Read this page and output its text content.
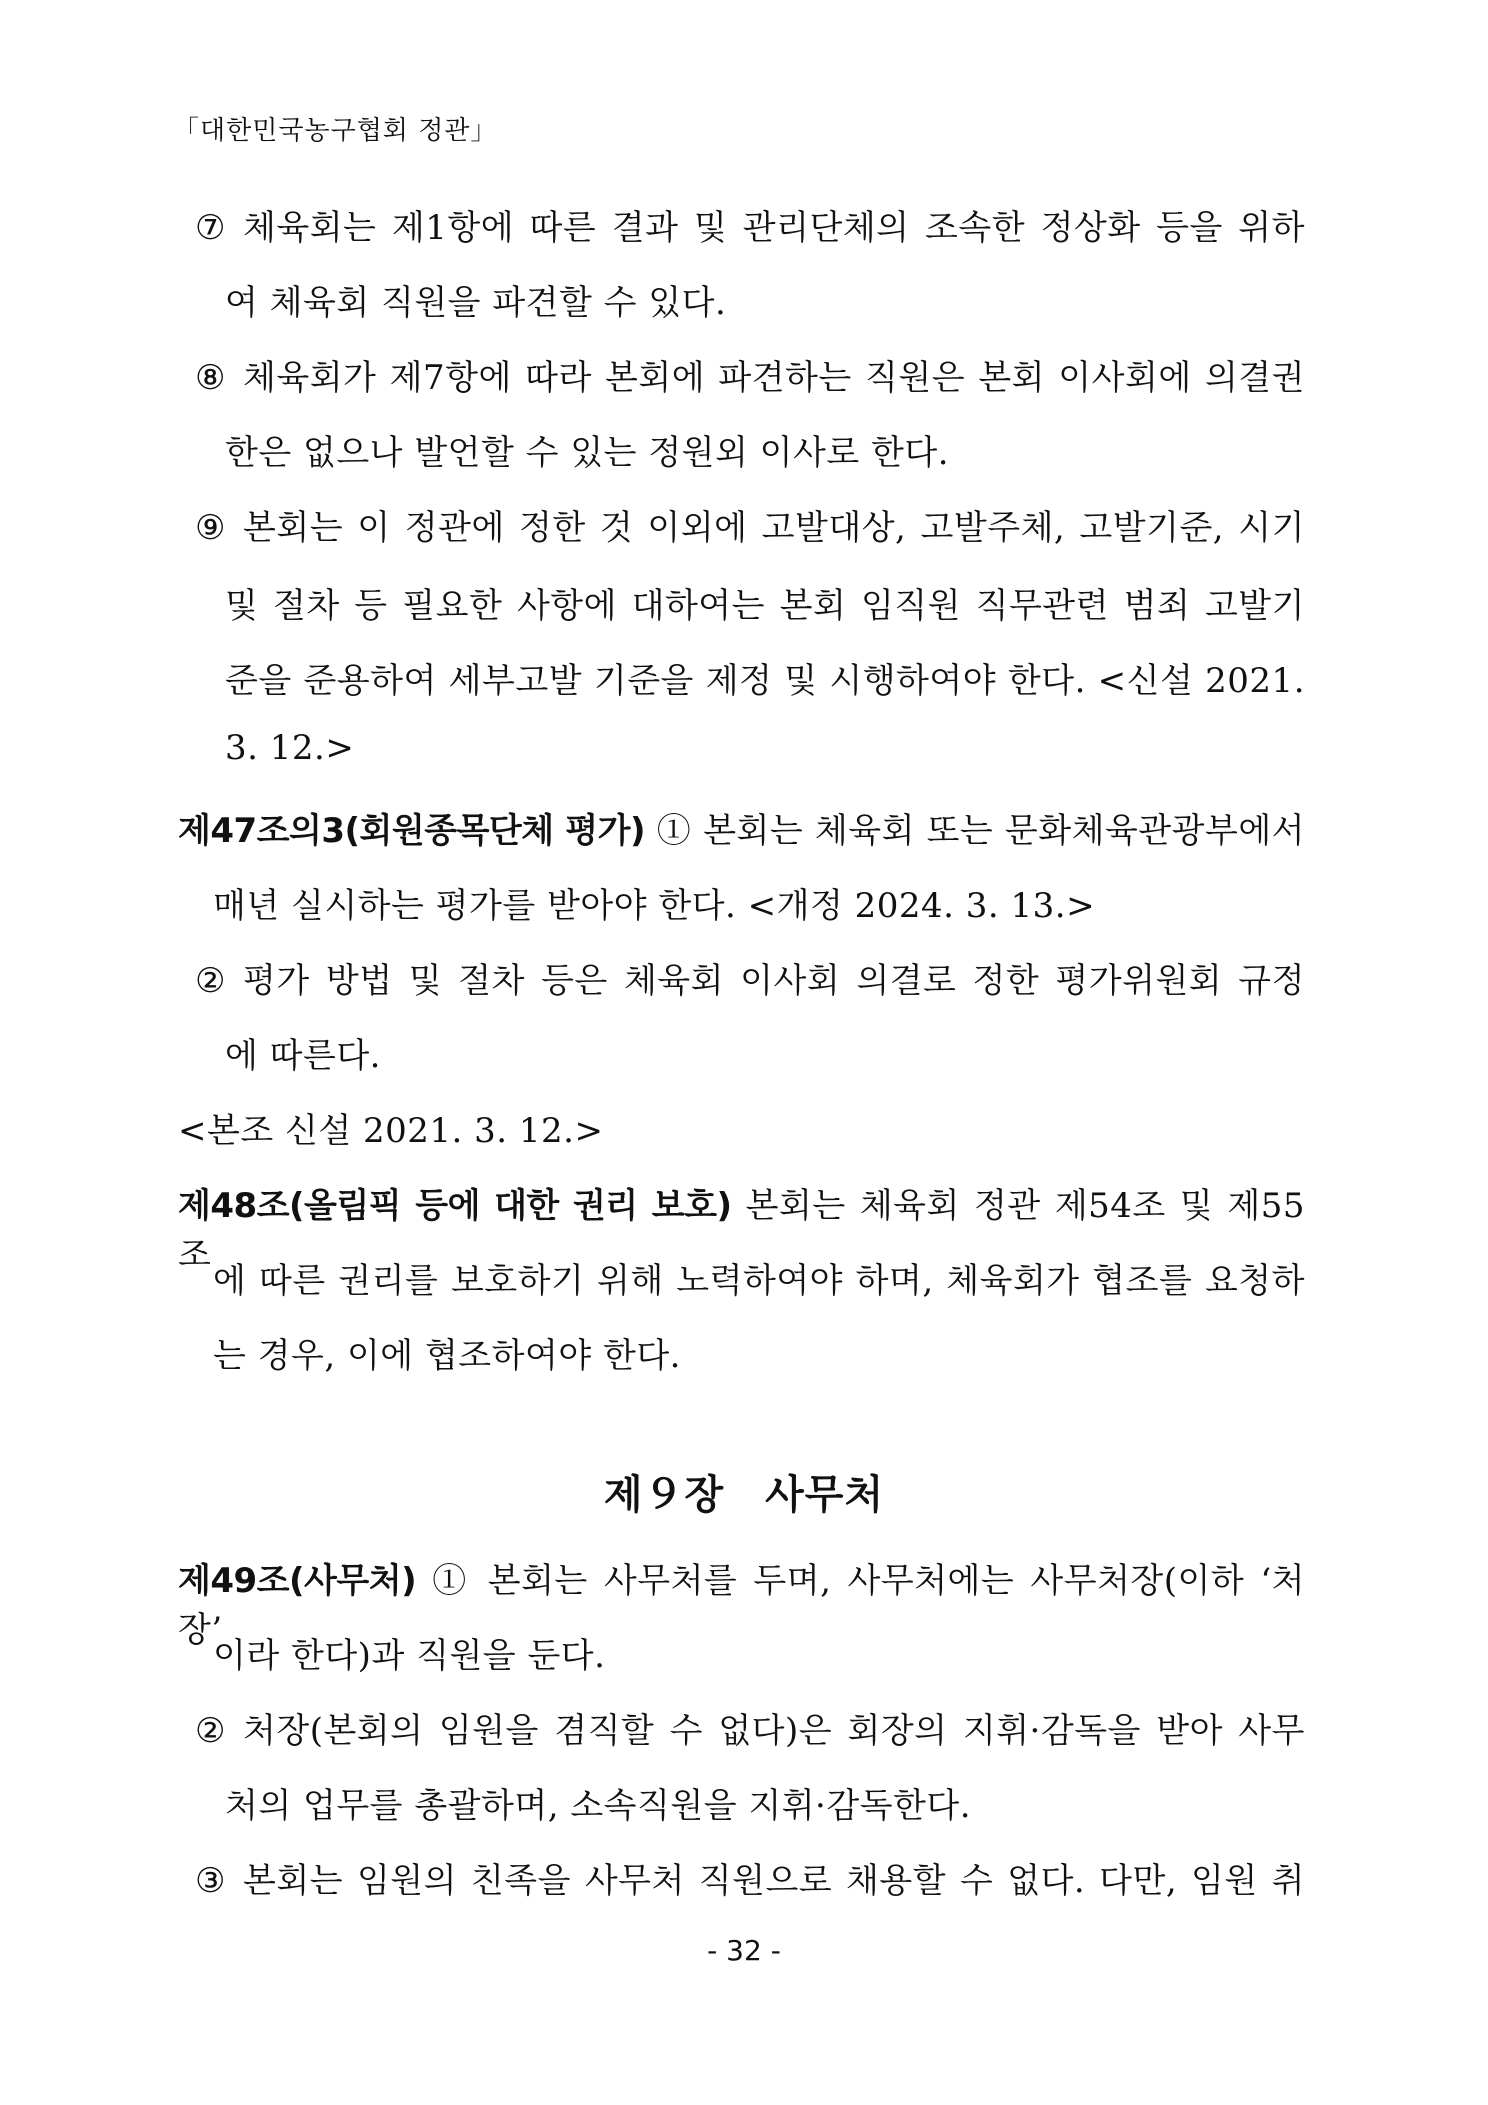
「대한민국농구협회 정관」
⑦ 체육회는 제1항에 따른 결과 및 관리단체의 조속한 정상화 등을 위하
여 체육회 직원을 파견할 수 있다.
⑧ 체육회가 제7항에 따라 본회에 파견하는 직원은 본회 이사회에 의결권
한은 없으나 발언할 수 있는 정원외 이사로 한다.
⑨ 본회는 이 정관에 정한 것 이외에 고발대상, 고발주체, 고발기준, 시기
및 절차 등 필요한 사항에 대하여는 본회 임직원 직무관련 범죄 고발기
준을 준용하여 세부고발 기준을 제정 및 시행하여야 한다. <신설 2021.
3. 12.>
제47조의3(회원종목단체 평가) ① 본회는 체육회 또는 문화체육관광부에서
매년 실시하는 평가를 받아야 한다. <개정 2024. 3. 13.>
② 평가 방법 및 절차 등은 체육회 이사회 의결로 정한 평가위원회 규정
에 따른다.
<본조 신설 2021. 3. 12.>
제48조(올림픽 등에 대한 권리 보호) 본회는 체육회 정관 제54조 및 제55조
에 따른 권리를 보호하기 위해 노력하여야 하며, 체육회가 협조를 요청하
는 경우, 이에 협조하여야 한다.
제９장　사무처
제49조(사무처) ① 본회는 사무처를 두며, 사무처에는 사무처장(이하 ‘처장’
이라 한다)과 직원을 둔다.
② 처장(본회의 임원을 겸직할 수 없다)은 회장의 지휘·감독을 받아 사무
처의 업무를 총괄하며, 소속직원을 지휘·감독한다.
③ 본회는 임원의 친족을 사무처 직원으로 채용할 수 없다. 다만, 임원 취
- 32 -
